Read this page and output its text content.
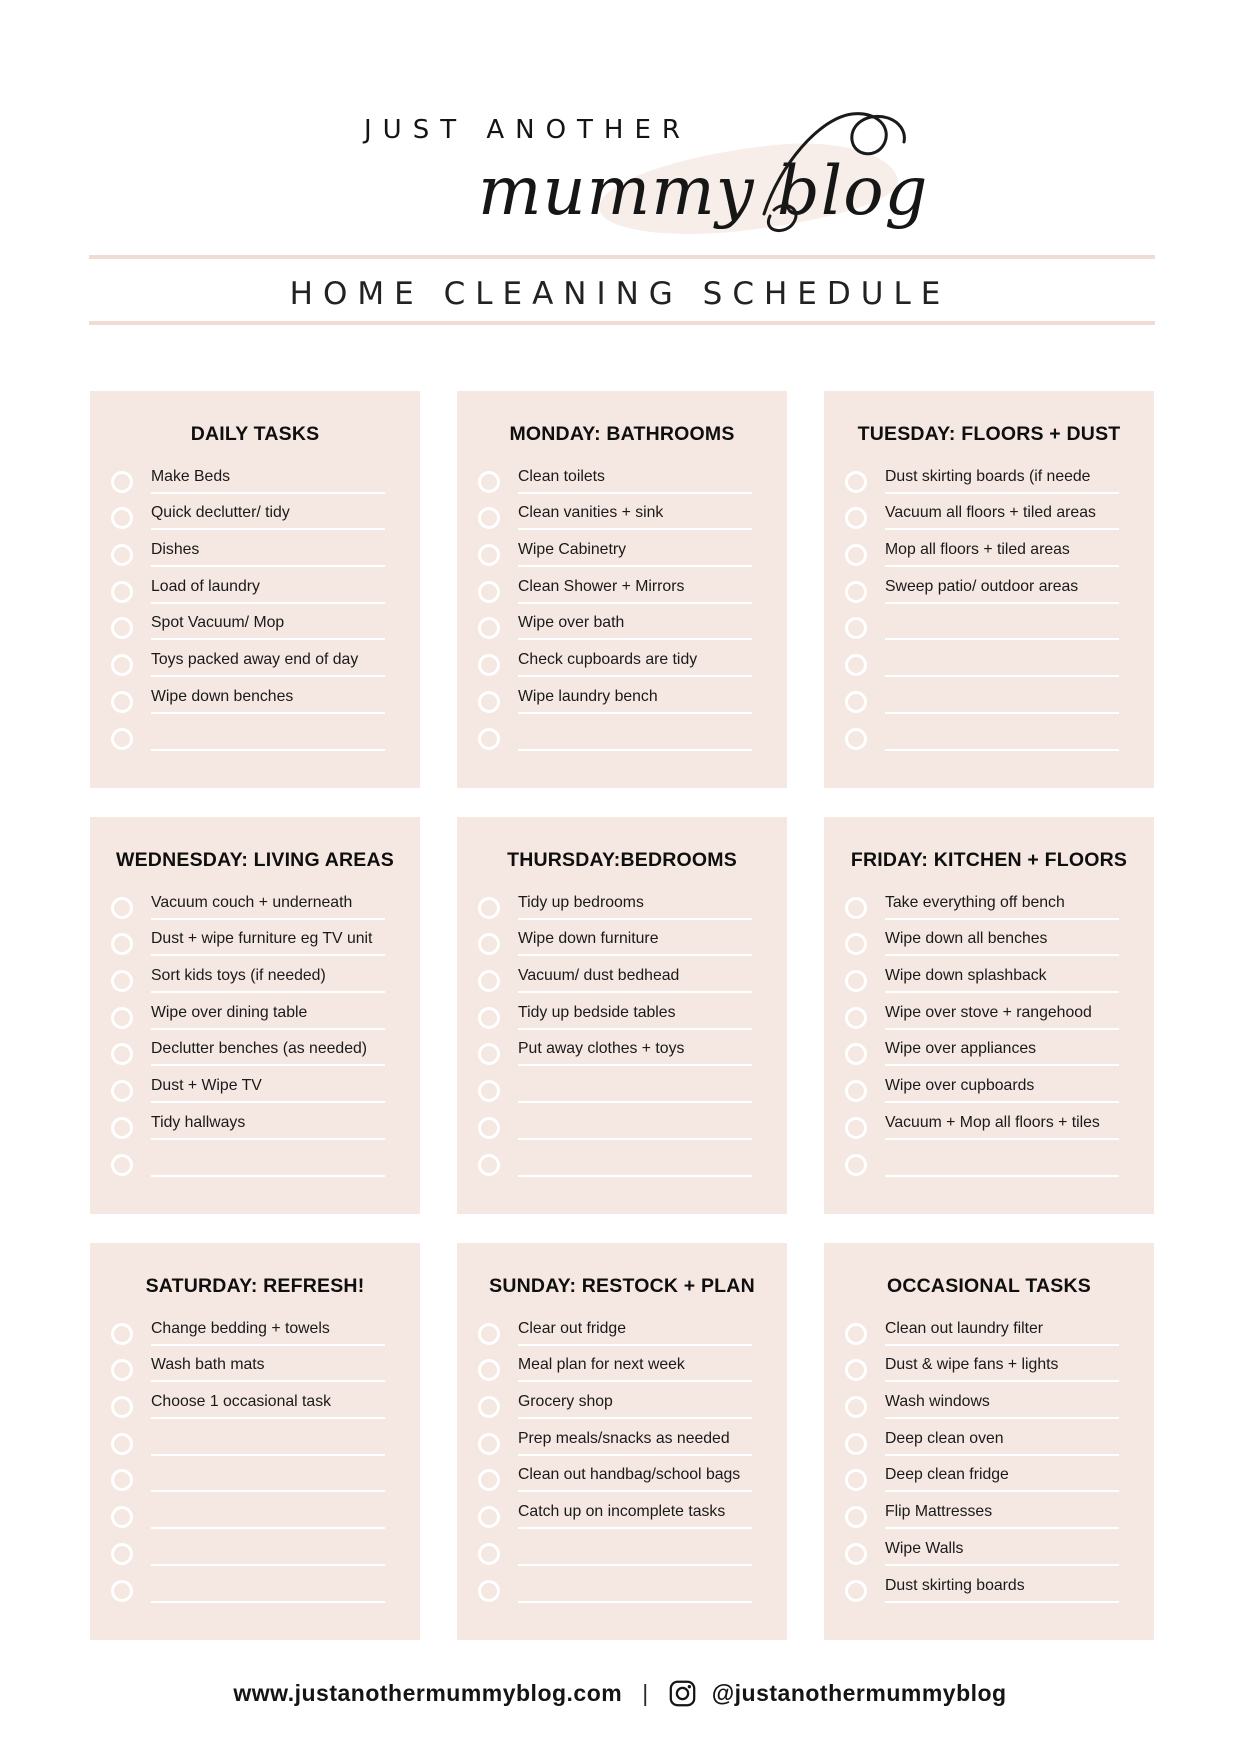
JUST ANOTHER
mummy blog
HOME CLEANING SCHEDULE
DAILY TASKS
Make Beds
Quick declutter/ tidy
Dishes
Load of laundry
Spot Vacuum/ Mop
Toys packed away end of day
Wipe down benches
MONDAY: BATHROOMS
Clean toilets
Clean vanities + sink
Wipe Cabinetry
Clean Shower + Mirrors
Wipe over bath
Check cupboards are tidy
Wipe laundry bench
TUESDAY: FLOORS + DUST
Dust skirting boards (if neede
Vacuum all floors + tiled areas
Mop all floors + tiled areas
Sweep patio/ outdoor areas
WEDNESDAY: LIVING AREAS
Vacuum couch + underneath
Dust + wipe furniture eg TV unit
Sort kids toys (if needed)
Wipe over dining table
Declutter benches (as needed)
Dust + Wipe TV
Tidy hallways
THURSDAY:BEDROOMS
Tidy up bedrooms
Wipe down furniture
Vacuum/ dust bedhead
Tidy up bedside tables
Put away clothes + toys
FRIDAY: KITCHEN + FLOORS
Take everything off bench
Wipe down all benches
Wipe down splashback
Wipe over stove + rangehood
Wipe over appliances
Wipe over cupboards
Vacuum + Mop all floors + tiles
SATURDAY: REFRESH!
Change bedding + towels
Wash bath mats
Choose 1 occasional task
SUNDAY: RESTOCK + PLAN
Clear out fridge
Meal plan for next week
Grocery shop
Prep meals/snacks as needed
Clean out handbag/school bags
Catch up on incomplete tasks
OCCASIONAL TASKS
Clean out laundry filter
Dust & wipe fans + lights
Wash windows
Deep clean oven
Deep clean fridge
Flip Mattresses
Wipe Walls
Dust skirting boards
www.justanothermummyblog.com |	@justanothermummyblog
